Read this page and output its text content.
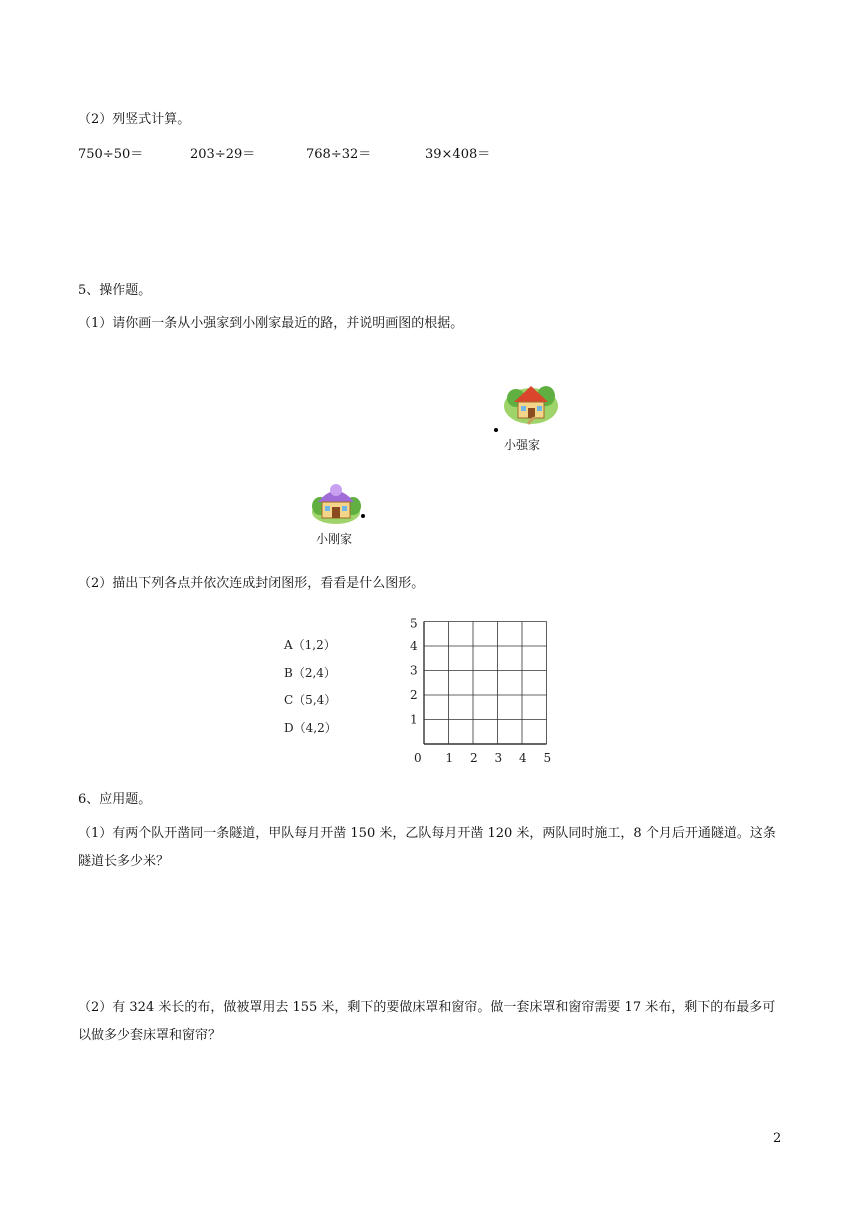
（2）列竖式计算。
750÷50＝	203÷29＝	768÷32＝	39×408＝
5、操作题。
（1）请你画一条从小强家到小刚家最近的路，并说明画图的根据。
小强家
小刚家
（2）描出下列各点并依次连成封闭图形，看看是什么图形。
A（1,2）
B（2,4）
C（5,4）
D（4,2）
0 1 2 3 4 5
1
2
3
4
5
6、应用题。
（1）有两个队开凿同一条隧道，甲队每月开凿 150 米，乙队每月开凿 120 米，两队同时施工，8 个月后开通隧道。这条隧道长多少米？
（2）有 324 米长的布，做被罩用去 155 米，剩下的要做床罩和窗帘。做一套床罩和窗帘需要 17 米布，剩下的布最多可以做多少套床罩和窗帘？
2
